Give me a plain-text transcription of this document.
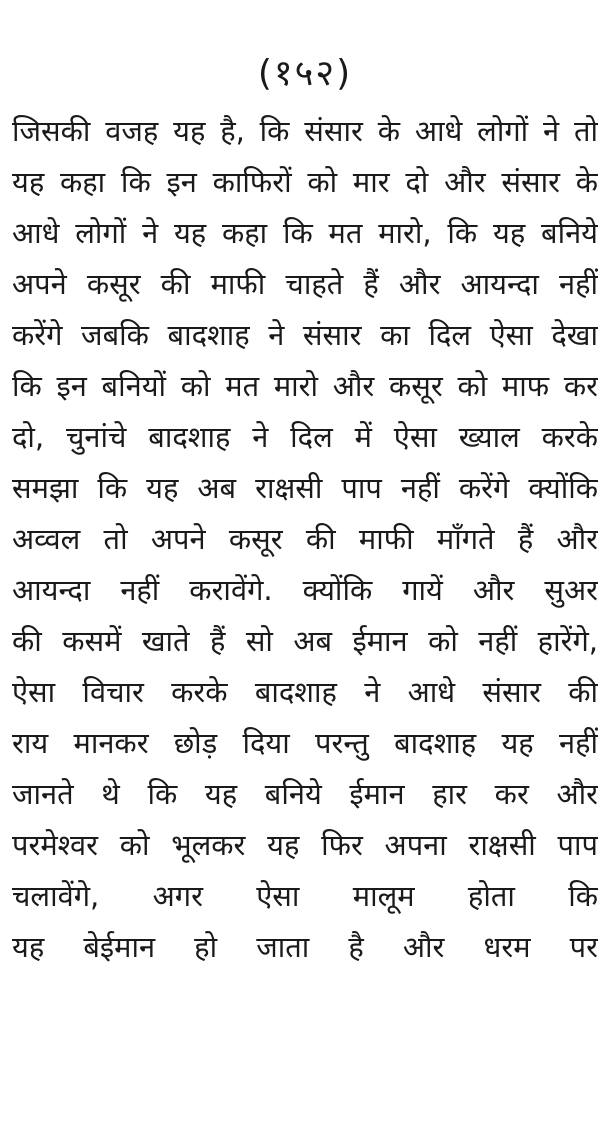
(१५२)
जिसकी वजह यह है, कि संसार के आधे लोगों ने तो
यह कहा कि इन काफिरों को मार दो और संसार के
आधे लोगों ने यह कहा कि मत मारो, कि यह बनिये
अपने कसूर की माफी चाहते हैं और आयन्दा नहीं
करेंगे जबकि बादशाह ने संसार का दिल ऐसा देखा
कि इन बनियों को मत मारो और कसूर को माफ कर
दो, चुनांचे बादशाह ने दिल में ऐसा ख्याल करके
समझा कि यह अब राक्षसी पाप नहीं करेंगे क्योंकि
अव्वल तो अपने कसूर की माफी माँगते हैं और
आयन्दा नहीं करावेंगे. क्योंकि गायें और सुअर
की कसमें खाते हैं सो अब ईमान को नहीं हारेंगे,
ऐसा विचार करके बादशाह ने आधे संसार की
राय मानकर छोड़ दिया परन्तु बादशाह यह नहीं
जानते थे कि यह बनिये ईमान हार कर और
परमेश्वर को भूलकर यह फिर अपना राक्षसी पाप
चलावेंगे, अगर ऐसा मालूम होता कि
यह बेईमान हो जाता है और धरम पर
